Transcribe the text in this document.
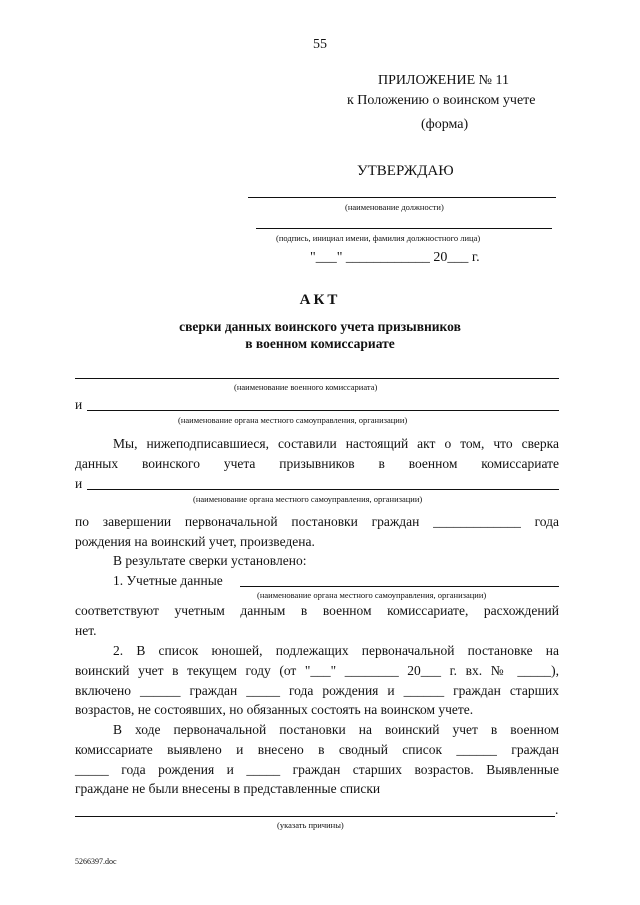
55
ПРИЛОЖЕНИЕ № 11
к Положению о воинском учете
(форма)
УТВЕРЖДАЮ
(наименование должности)
(подпись, инициал имени, фамилия должностного лица)
"___" ____________ 20___ г.
АКТ
сверки данных воинского учета призывников
в военном комиссариате
(наименование военного комиссариата)
и
(наименование органа местного самоуправления, организации)
Мы, нижеподписавшиеся, составили настоящий акт о том, что сверка
данных воинского учета призывников в военном комиссариате
и
(наименование органа местного самоуправления, организации)
по завершении первоначальной постановки граждан _____________ года
рождения на воинский учет, произведена.
В результате сверки установлено:
1. Учетные данные
(наименование органа местного самоуправления, организации)
соответствуют учетным данным в военном комиссариате, расхождений
нет.
2. В список юношей, подлежащих первоначальной постановке на
воинский учет в текущем году (от "___" ________ 20___ г. вх. № _____),
включено ______ граждан _____ года рождения и ______ граждан старших
возрастов, не состоявших, но обязанных состоять на воинском учете.
В ходе первоначальной постановки на воинский учет в военном
комиссариате выявлено и внесено в сводный список ______ граждан
_____ года рождения и _____ граждан старших возрастов. Выявленные
граждане не были внесены в представленные списки
.
(указать причины)
5266397.doc
